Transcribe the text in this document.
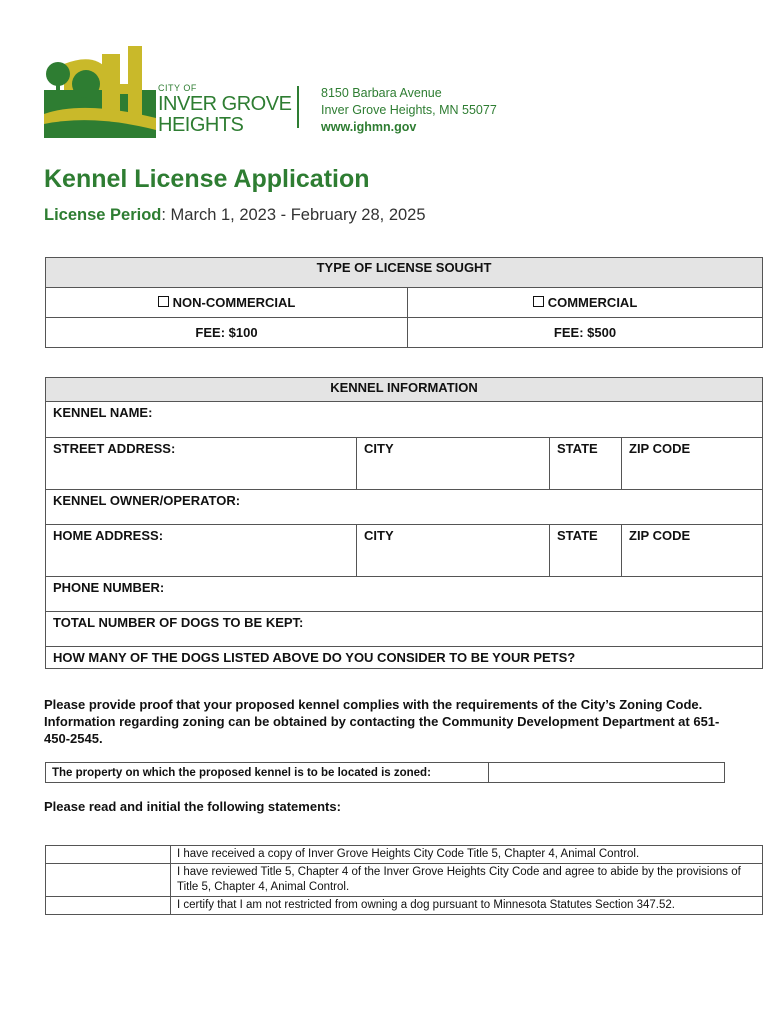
CITY OF
INVER GROVE
HEIGHTS
8150 Barbara Avenue
Inver Grove Heights, MN 55077
www.ighmn.gov
Kennel License Application
License Period: March 1, 2023 - February 28, 2025
TYPE OF LICENSE SOUGHT	
NON-COMMERCIAL	COMMERCIAL
FEE: $100	FEE: $500
KENNEL INFORMATION			
KENNEL NAME:			
STREET ADDRESS:	CITY	STATE	ZIP CODE
KENNEL OWNER/OPERATOR:			
HOME ADDRESS:	CITY	STATE	ZIP CODE
PHONE NUMBER:			
TOTAL NUMBER OF DOGS TO BE KEPT:			
HOW MANY OF THE DOGS LISTED ABOVE DO YOU CONSIDER TO BE YOUR PETS?			
Please provide proof that your proposed kennel complies with the requirements of the City’s Zoning Code. Information regarding zoning can be obtained by contacting the Community Development Department at 651-450-2545.
The property on which the proposed kennel is to be located is zoned:	
Please read and initial the following statements:
	I have received a copy of Inver Grove Heights City Code Title 5, Chapter 4, Animal Control.
	I have reviewed Title 5, Chapter 4 of the Inver Grove Heights City Code and agree to abide by the provisions of Title 5, Chapter 4, Animal Control.
	I certify that I am not restricted from owning a dog pursuant to Minnesota Statutes Section 347.52.
